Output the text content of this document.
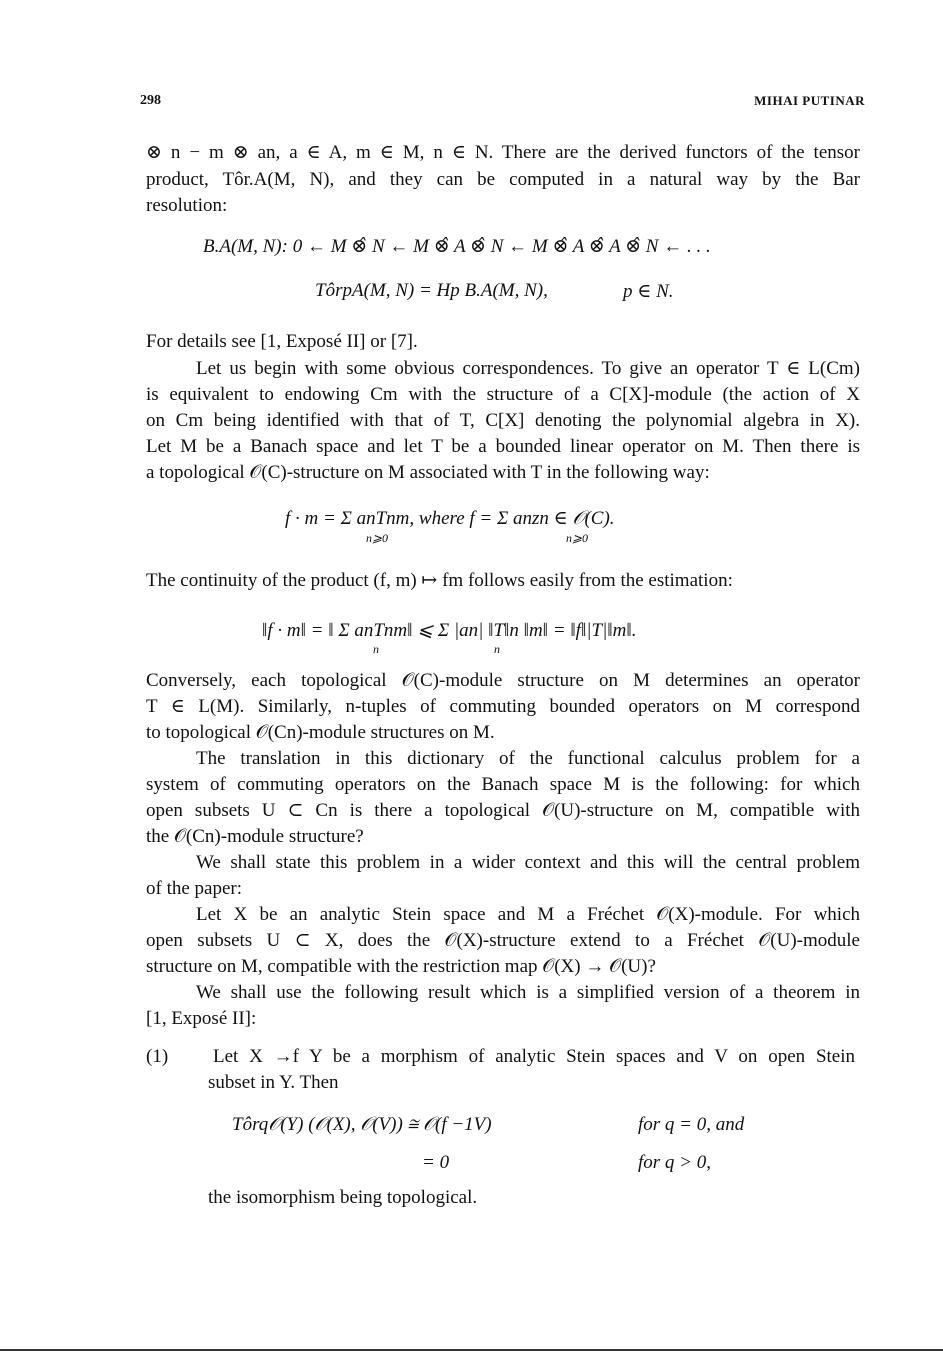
298	MIHAI PUTINAR
⊗ n − m ⊗ an, a ∈ A, m ∈ M, n ∈ N. There are the derived functors of the tensor
product, Tôr.A(M, N), and they can be computed in a natural way by the Bar
resolution:
B.A(M, N): 0 ← M ⊗̂ N ← M ⊗̂ A ⊗̂ N ← M ⊗̂ A ⊗̂ A ⊗̂ N ← . . .
TôrpA(M, N) = Hp B.A(M, N),	p ∈ N.
For details see [1, Exposé II] or [7].
Let us begin with some obvious correspondences. To give an operator T ∈ L(Cm)
is equivalent to endowing Cm with the structure of a C[X]-module (the action of X
on Cm being identified with that of T, C[X] denoting the polynomial algebra in X).
Let M be a Banach space and let T be a bounded linear operator on M. Then there is
a topological 𝒪(C)-structure on M associated with T in the following way:
f · m = Σ anTnm, where f = Σ anzn ∈ 𝒪(C).
n⩾0	n⩾0
The continuity of the product (f, m) ↦ fm follows easily from the estimation:
‖f · m‖ = ‖ Σ anTnm‖ ⩽ Σ |an| ‖T‖n ‖m‖ = ‖f‖|T|‖m‖.
n	n
Conversely, each topological 𝒪(C)-module structure on M determines an operator
T ∈ L(M). Similarly, n-tuples of commuting bounded operators on M correspond
to topological 𝒪(Cn)-module structures on M.
The translation in this dictionary of the functional calculus problem for a
system of commuting operators on the Banach space M is the following: for which
open subsets U ⊂ Cn is there a topological 𝒪(U)-structure on M, compatible with
the 𝒪(Cn)-module structure?
We shall state this problem in a wider context and this will the central problem
of the paper:
Let X be an analytic Stein space and M a Fréchet 𝒪(X)-module. For which
open subsets U ⊂ X, does the 𝒪(X)-structure extend to a Fréchet 𝒪(U)-module
structure on M, compatible with the restriction map 𝒪(X) → 𝒪(U)?
We shall use the following result which is a simplified version of a theorem in
[1, Exposé II]:
(1) Let X →f Y be a morphism of analytic Stein spaces and V on open Stein
subset in Y. Then
Tôrq𝒪(Y) (𝒪(X), 𝒪(V)) ≅ 𝒪(f −1V)	for q = 0, and
= 0	for q > 0,
the isomorphism being topological.
